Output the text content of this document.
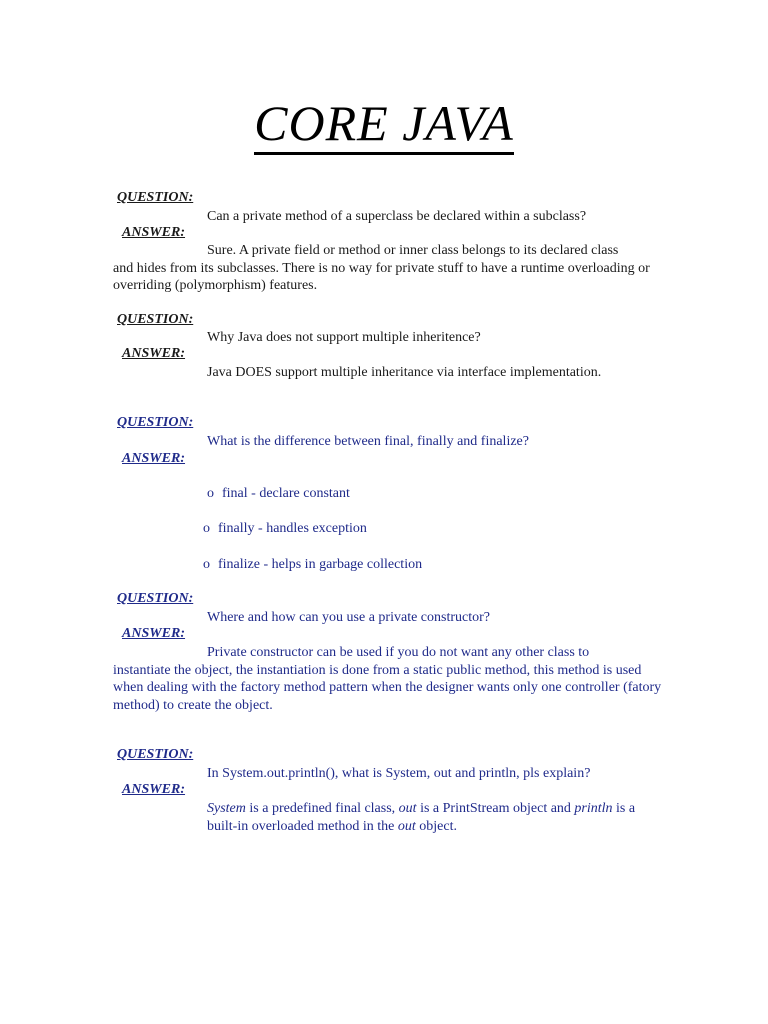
CORE JAVA
QUESTION:
Can a private method of a superclass be declared within a subclass?
ANSWER:
Sure. A private field or method or inner class belongs to its declared class
and hides from its subclasses. There is no way for private stuff to have a runtime overloading or overriding (polymorphism) features.
QUESTION:
Why Java does not support multiple inheritence?
ANSWER:
Java DOES support multiple inheritance via interface implementation.
QUESTION:
What is the difference between final, finally and finalize?
ANSWER:
o final - declare constant
o finally - handles exception
o finalize - helps in garbage collection
QUESTION:
Where and how can you use a private constructor?
ANSWER:
Private constructor can be used if you do not want any other class to
instantiate the object, the instantiation is done from a static public method, this method is used when dealing with the factory method pattern when the designer wants only one controller (fatory method) to create the object.
QUESTION:
In System.out.println(), what is System, out and println, pls explain?
ANSWER:
System is a predefined final class, out is a PrintStream object and println is a built-in overloaded method in the out object.
